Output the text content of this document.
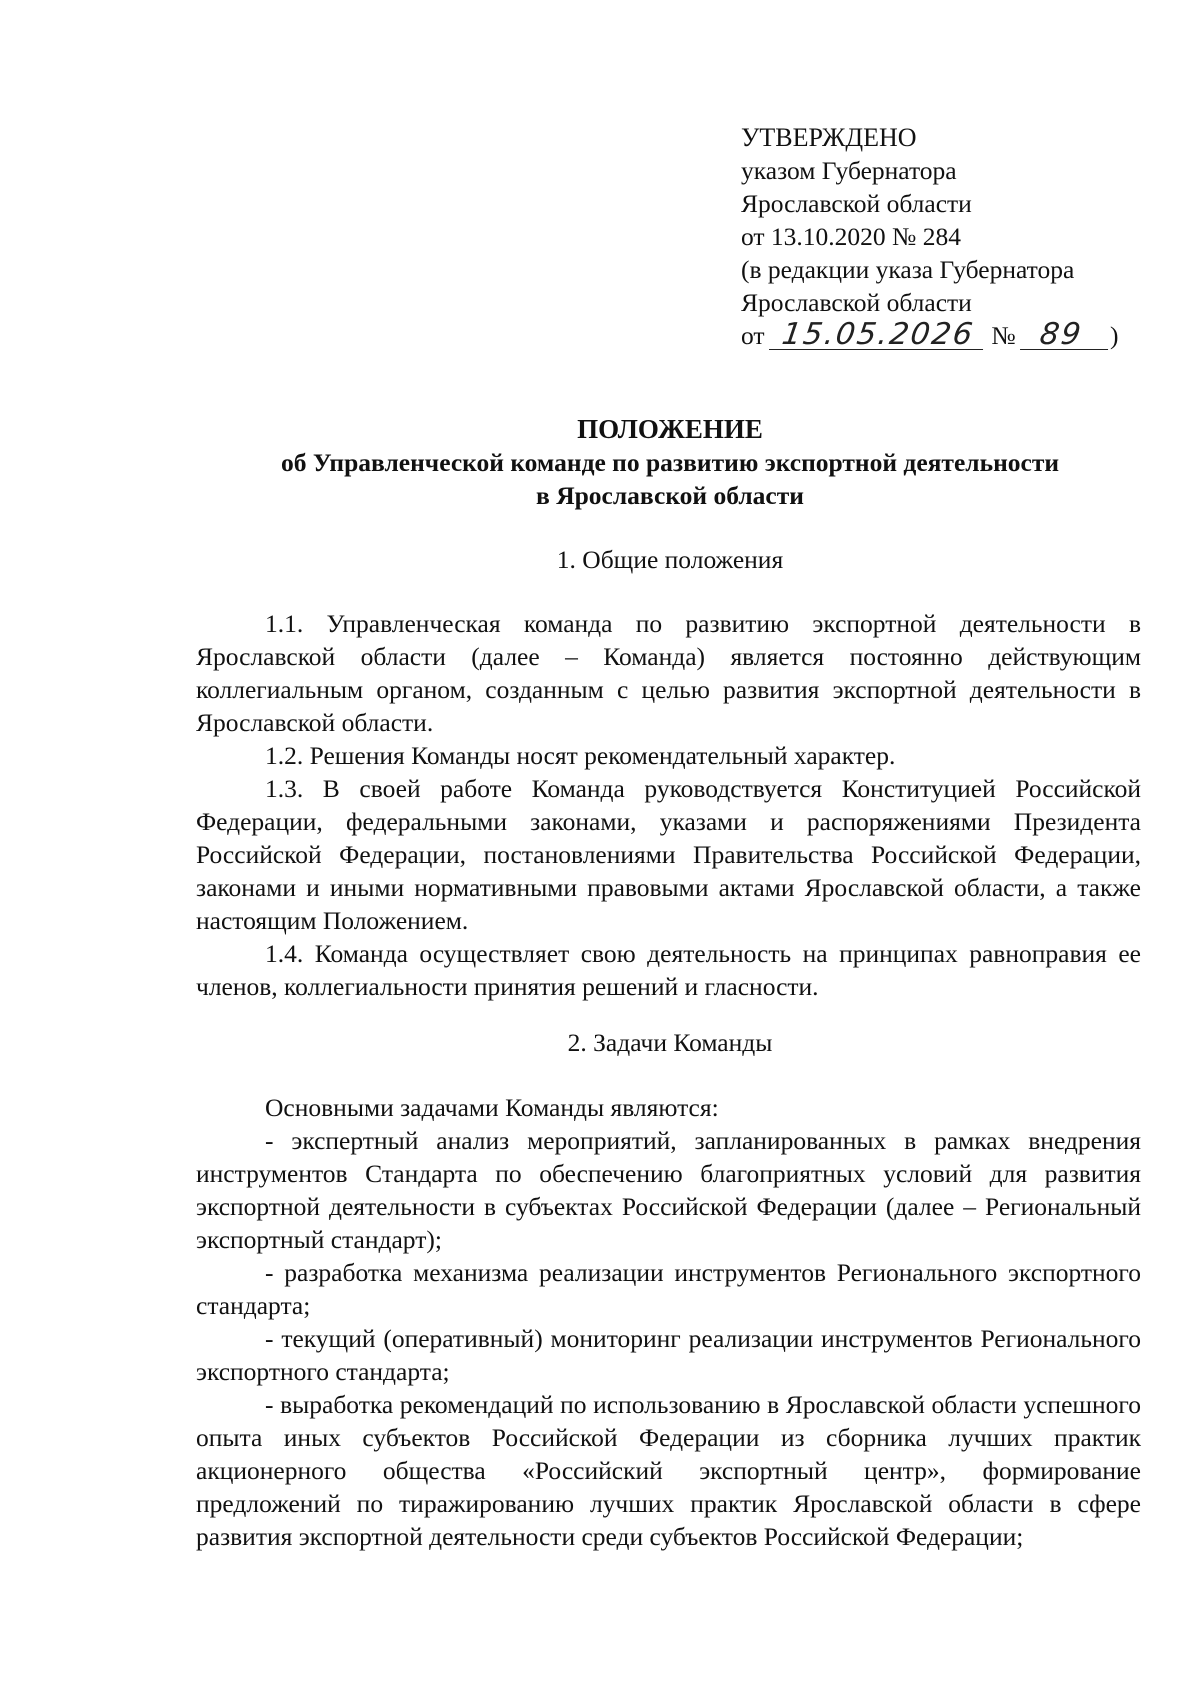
УТВЕРЖДЕНО
указом Губернатора
Ярославской области
от 13.10.2020 № 284
(в редакции указа Губернатора
Ярославской области
от 15.05.2026 № 89 )
ПОЛОЖЕНИЕ
об Управленческой команде по развитию экспортной деятельности
в Ярославской области
1. Общие положения

1.1. Управленческая команда по развитию экспортной деятельности в Ярославской области (далее – Команда) является постоянно действующим коллегиальным органом, созданным с целью развития экспортной деятельности в Ярославской области.

1.2. Решения Команды носят рекомендательный характер.

1.3. В своей работе Команда руководствуется Конституцией Российской Федерации, федеральными законами, указами и распоряжениями Президента Российской Федерации, постановлениями Правительства Российской Федерации, законами и иными нормативными правовыми актами Ярославской области, а также настоящим Положением.

1.4. Команда осуществляет свою деятельность на принципах равноправия ее членов, коллегиальности принятия решений и гласности.

2. Задачи Команды

Основными задачами Команды являются:

- экспертный анализ мероприятий, запланированных в рамках внедрения инструментов Стандарта по обеспечению благоприятных условий для развития экспортной деятельности в субъектах Российской Федерации (далее – Региональный экспортный стандарт);

- разработка механизма реализации инструментов Регионального экспортного стандарта;

- текущий (оперативный) мониторинг реализации инструментов Регионального экспортного стандарта;

- выработка рекомендаций по использованию в Ярославской области успешного опыта иных субъектов Российской Федерации из сборника лучших практик акционерного общества «Российский экспортный центр», формирование предложений по тиражированию лучших практик Ярославской области в сфере развития экспортной деятельности среди субъектов Российской Федерации;
